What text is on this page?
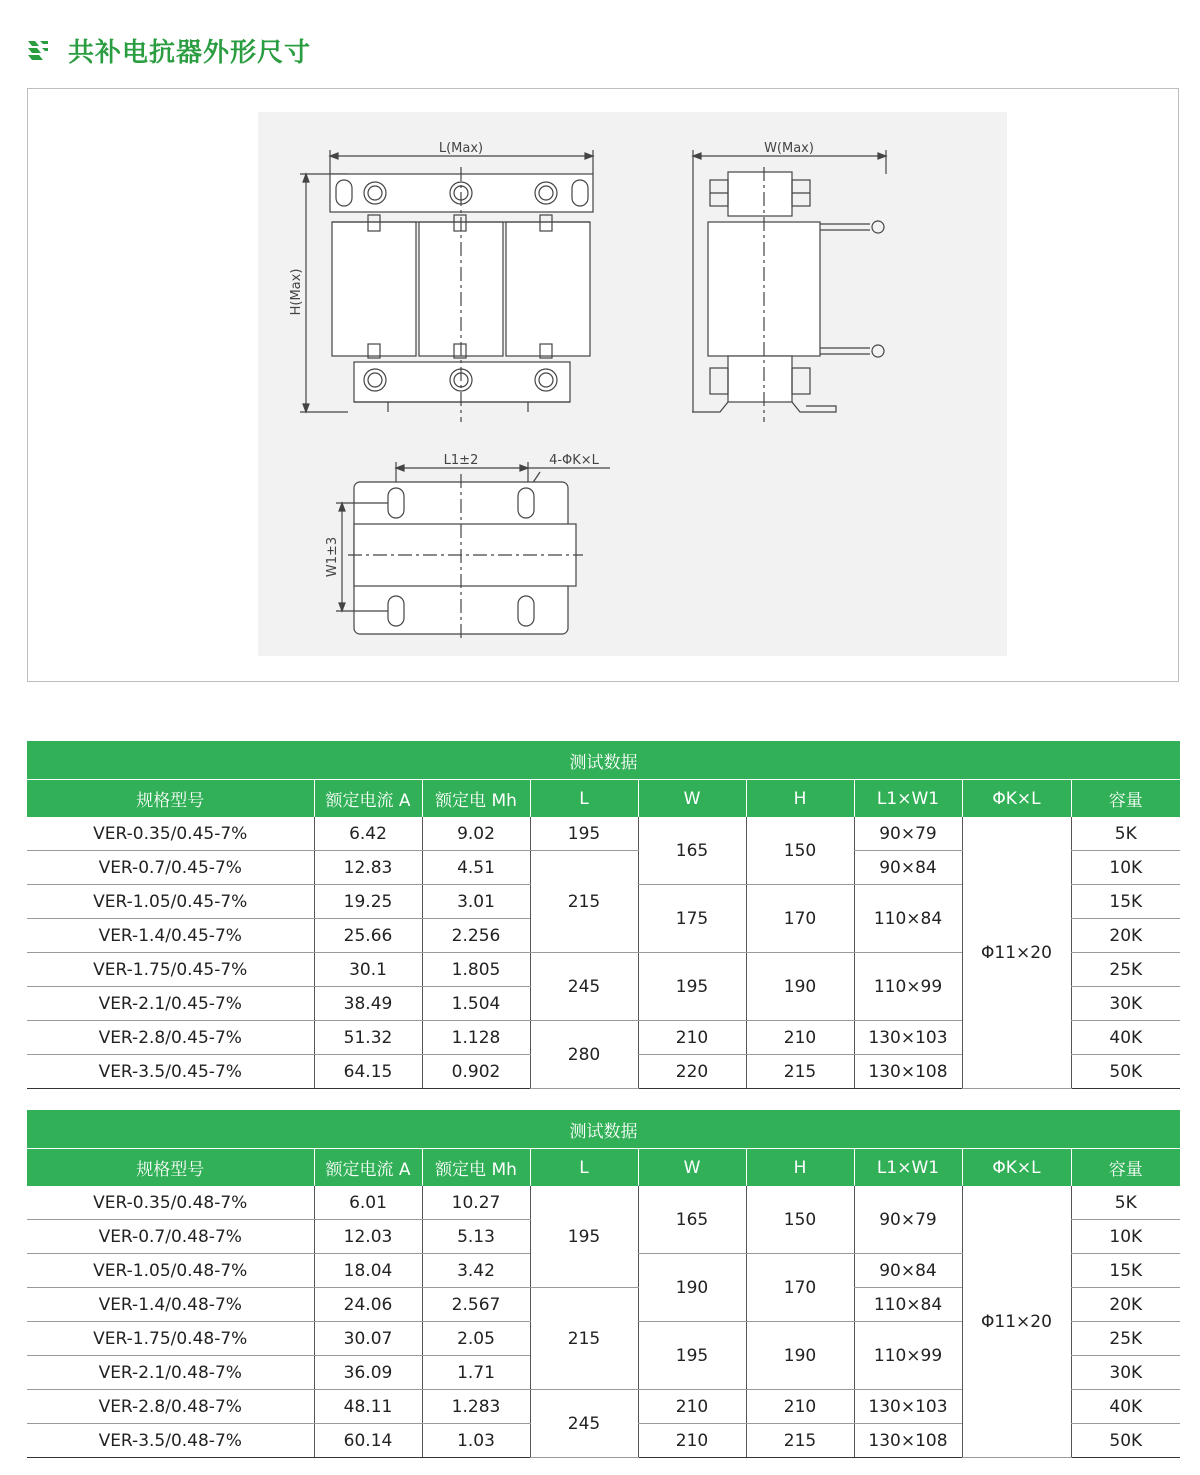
共补电抗器外形尺寸
L(Max)
H(Max)
W(Max)
L1±2	4-ΦK×L
W1±3
测试数据								
规格型号	额定电流 A	额定电 Mh	L	W	H	L1×W1	ΦK×L	容量
VER-0.35/0.45-7%	6.42	9.02	195	165	150	90×79	Φ11×20	5K
VER-0.7/0.45-7%	12.83	4.51	215			90×84		10K
VER-1.05/0.45-7%	19.25	3.01		175	170	110×84		15K
VER-1.4/0.45-7%	25.66	2.256						20K
VER-1.75/0.45-7%	30.1	1.805	245	195	190	110×99		25K
VER-2.1/0.45-7%	38.49	1.504						30K
VER-2.8/0.45-7%	51.32	1.128	280	210	210	130×103		40K
VER-3.5/0.45-7%	64.15	0.902		220	215	130×108		50K
测试数据								
规格型号	额定电流 A	额定电 Mh	L	W	H	L1×W1	ΦK×L	容量
VER-0.35/0.48-7%	6.01	10.27	195	165	150	90×79	Φ11×20	5K
VER-0.7/0.48-7%	12.03	5.13						10K
VER-1.05/0.48-7%	18.04	3.42		190	170	90×84		15K
VER-1.4/0.48-7%	24.06	2.567	215			110×84		20K
VER-1.75/0.48-7%	30.07	2.05		195	190	110×99		25K
VER-2.1/0.48-7%	36.09	1.71						30K
VER-2.8/0.48-7%	48.11	1.283	245	210	210	130×103		40K
VER-3.5/0.48-7%	60.14	1.03		210	215	130×108		50K
